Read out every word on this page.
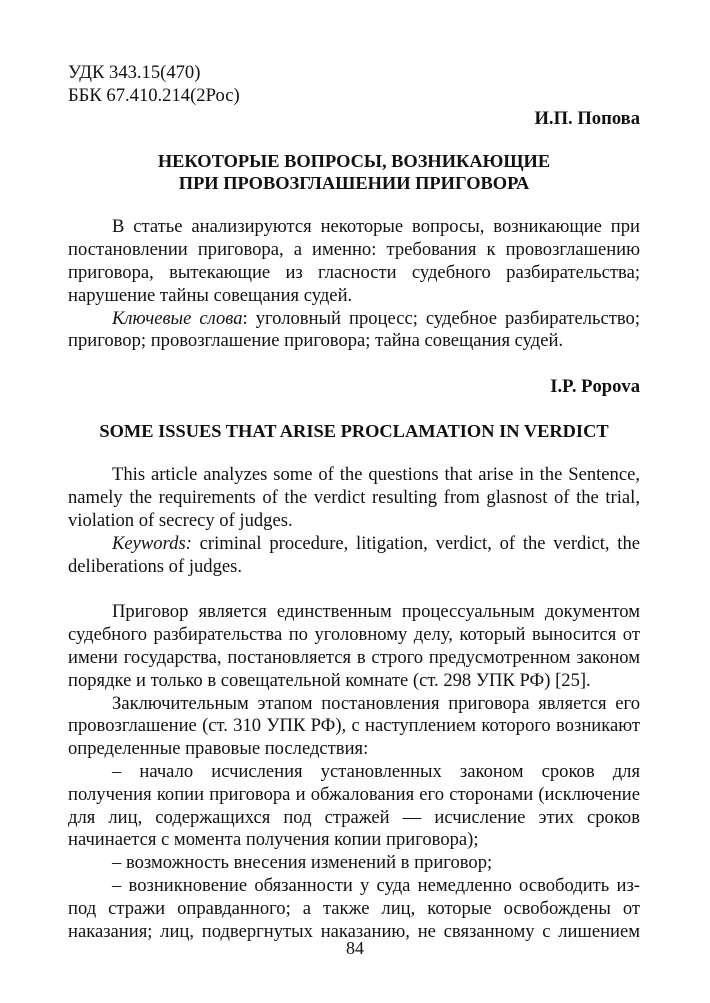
УДК 343.15(470)
ББК 67.410.214(2Рос)
И.П. Попова
НЕКОТОРЫЕ ВОПРОСЫ, ВОЗНИКАЮЩИЕ
ПРИ ПРОВОЗГЛАШЕНИИ ПРИГОВОРА

В статье анализируются некоторые вопросы, возникающие при постановлении приговора, а именно: требования к провозглашению приговора, вытекающие из гласности судебного разбирательства; нарушение тайны совещания судей.

Ключевые слова: уголовный процесс; судебное разбирательство; приговор; провозглашение приговора; тайна совещания судей.

I.P. Popova
SOME ISSUES THAT ARISE PROCLAMATION IN VERDICT

This article analyzes some of the questions that arise in the Sentence, namely the requirements of the verdict resulting from glasnost of the trial, violation of secrecy of judges.

Keywords: criminal procedure, litigation, verdict, of the verdict, the deliberations of judges.

Приговор является единственным процессуальным документом судебного разбирательства по уголовному делу, который выносится от имени государства, постановляется в строго предусмотренном законом порядке и только в совещательной комнате (ст. 298 УПК РФ) [25].

Заключительным этапом постановления приговора является его провозглашение (ст. 310 УПК РФ), с наступлением которого возникают определенные правовые последствия:

– начало исчисления установленных законом сроков для получения копии приговора и обжалования его сторонами (исключение для лиц, содержащихся под стражей — исчисление этих сроков начинается с момента получения копии приговора);

– возможность внесения изменений в приговор;

– возникновение обязанности у суда немедленно освободить из-под стражи оправданного; а также лиц, которые освобождены от наказания; лиц, подвергнутых наказанию, не связанному с лишением

84
